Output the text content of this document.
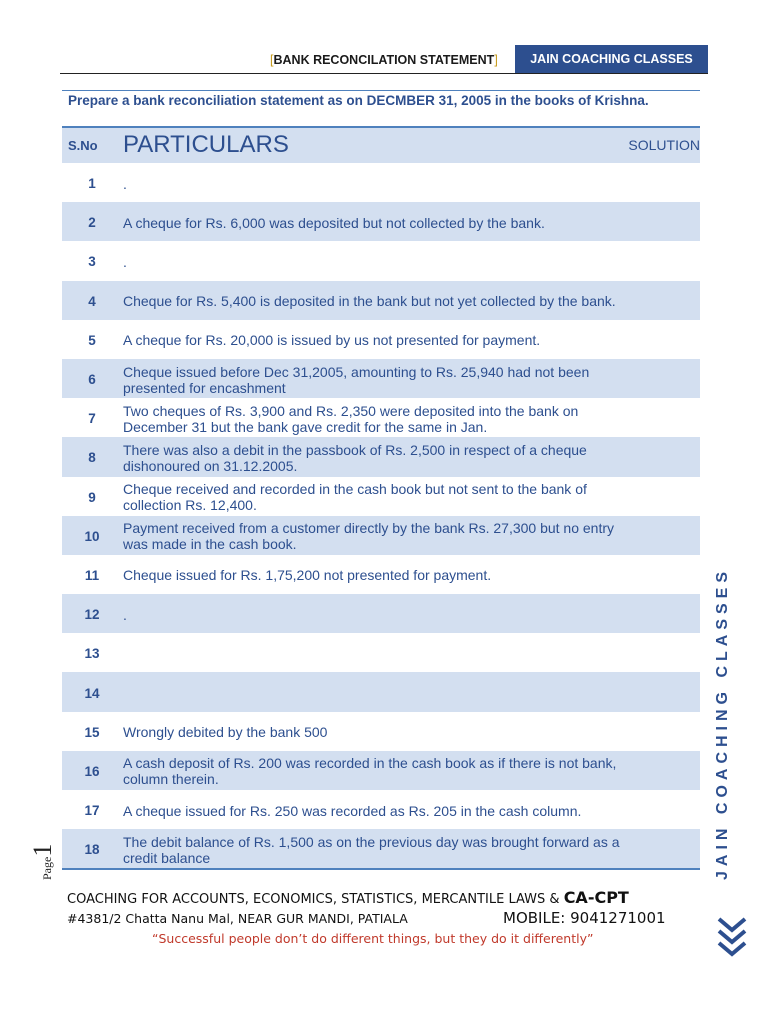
[BANK RECONCILATION STATEMENT]	JAIN COACHING CLASSES
Prepare a bank reconciliation statement as on DECMBER 31, 2005 in the books of Krishna.
S.No PARTICULARS	SOLUTION
1	.
2	A cheque for Rs. 6,000 was deposited but not collected by the bank.
3	.
4	Cheque for Rs. 5,400 is deposited in the bank but not yet collected by the bank.
5	A cheque for Rs. 20,000 is issued by us not presented for payment.
6	Cheque issued before Dec 31,2005, amounting to Rs. 25,940 had not been presented for encashment
7	Two cheques of Rs. 3,900 and Rs. 2,350 were deposited into the bank on December 31 but the bank gave credit for the same in Jan.
8	There was also a debit in the passbook of Rs. 2,500 in respect of a cheque dishonoured on 31.12.2005.
9	Cheque received and recorded in the cash book but not sent to the bank of collection Rs. 12,400.
10	Payment received from a customer directly by the bank Rs. 27,300 but no entry was made in the cash book.
11	Cheque issued for Rs. 1,75,200 not presented for payment.
12	.
13
14
15	Wrongly debited by the bank 500
16	A cash deposit of Rs. 200 was recorded in the cash book as if there is not bank, column therein.
17	A cheque issued for Rs. 250 was recorded as Rs. 205 in the cash column.
18	The debit balance of Rs. 1,500 as on the previous day was brought forward as a credit balance	JAIN COACHING CLASSES
Page1
COACHING FOR ACCOUNTS, ECONOMICS, STATISTICS, MERCANTILE LAWS & CA-CPT
#4381/2 Chatta Nanu Mal, NEAR GUR MANDI, PATIALA	MOBILE: 9041271001
“Successful people don’t do different things, but they do it differently”
